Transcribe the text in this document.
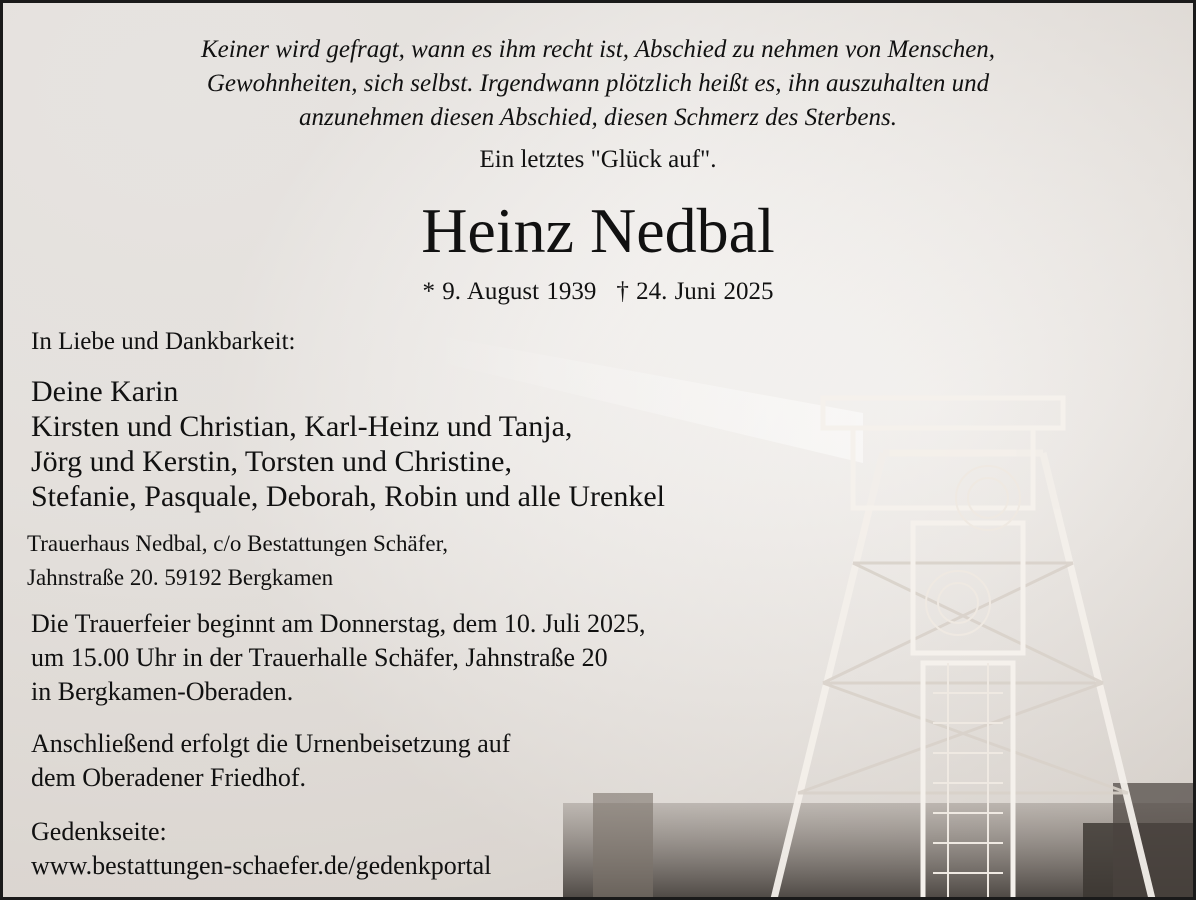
Keiner wird gefragt, wann es ihm recht ist, Abschied zu nehmen von Menschen,
Gewohnheiten, sich selbst. Irgendwann plötzlich heißt es, ihn auszuhalten und
anzunehmen diesen Abschied, diesen Schmerz des Sterbens.

Ein letztes "Glück auf".
Heinz Nedbal
* 9. August 1939 † 24. Juni 2025
In Liebe und Dankbarkeit:
Deine Karin
Kirsten und Christian, Karl-Heinz und Tanja,
Jörg und Kerstin, Torsten und Christine,
Stefanie, Pasquale, Deborah, Robin und alle Urenkel
Trauerhaus Nedbal, c/o Bestattungen Schäfer,
Jahnstraße 20. 59192 Bergkamen
Die Trauerfeier beginnt am Donnerstag, dem 10. Juli 2025,
um 15.00 Uhr in der Trauerhalle Schäfer, Jahnstraße 20
in Bergkamen-Oberaden.
Anschließend erfolgt die Urnenbeisetzung auf
dem Oberadener Friedhof.
Gedenkseite:
www.bestattungen-schaefer.de/gedenkportal
